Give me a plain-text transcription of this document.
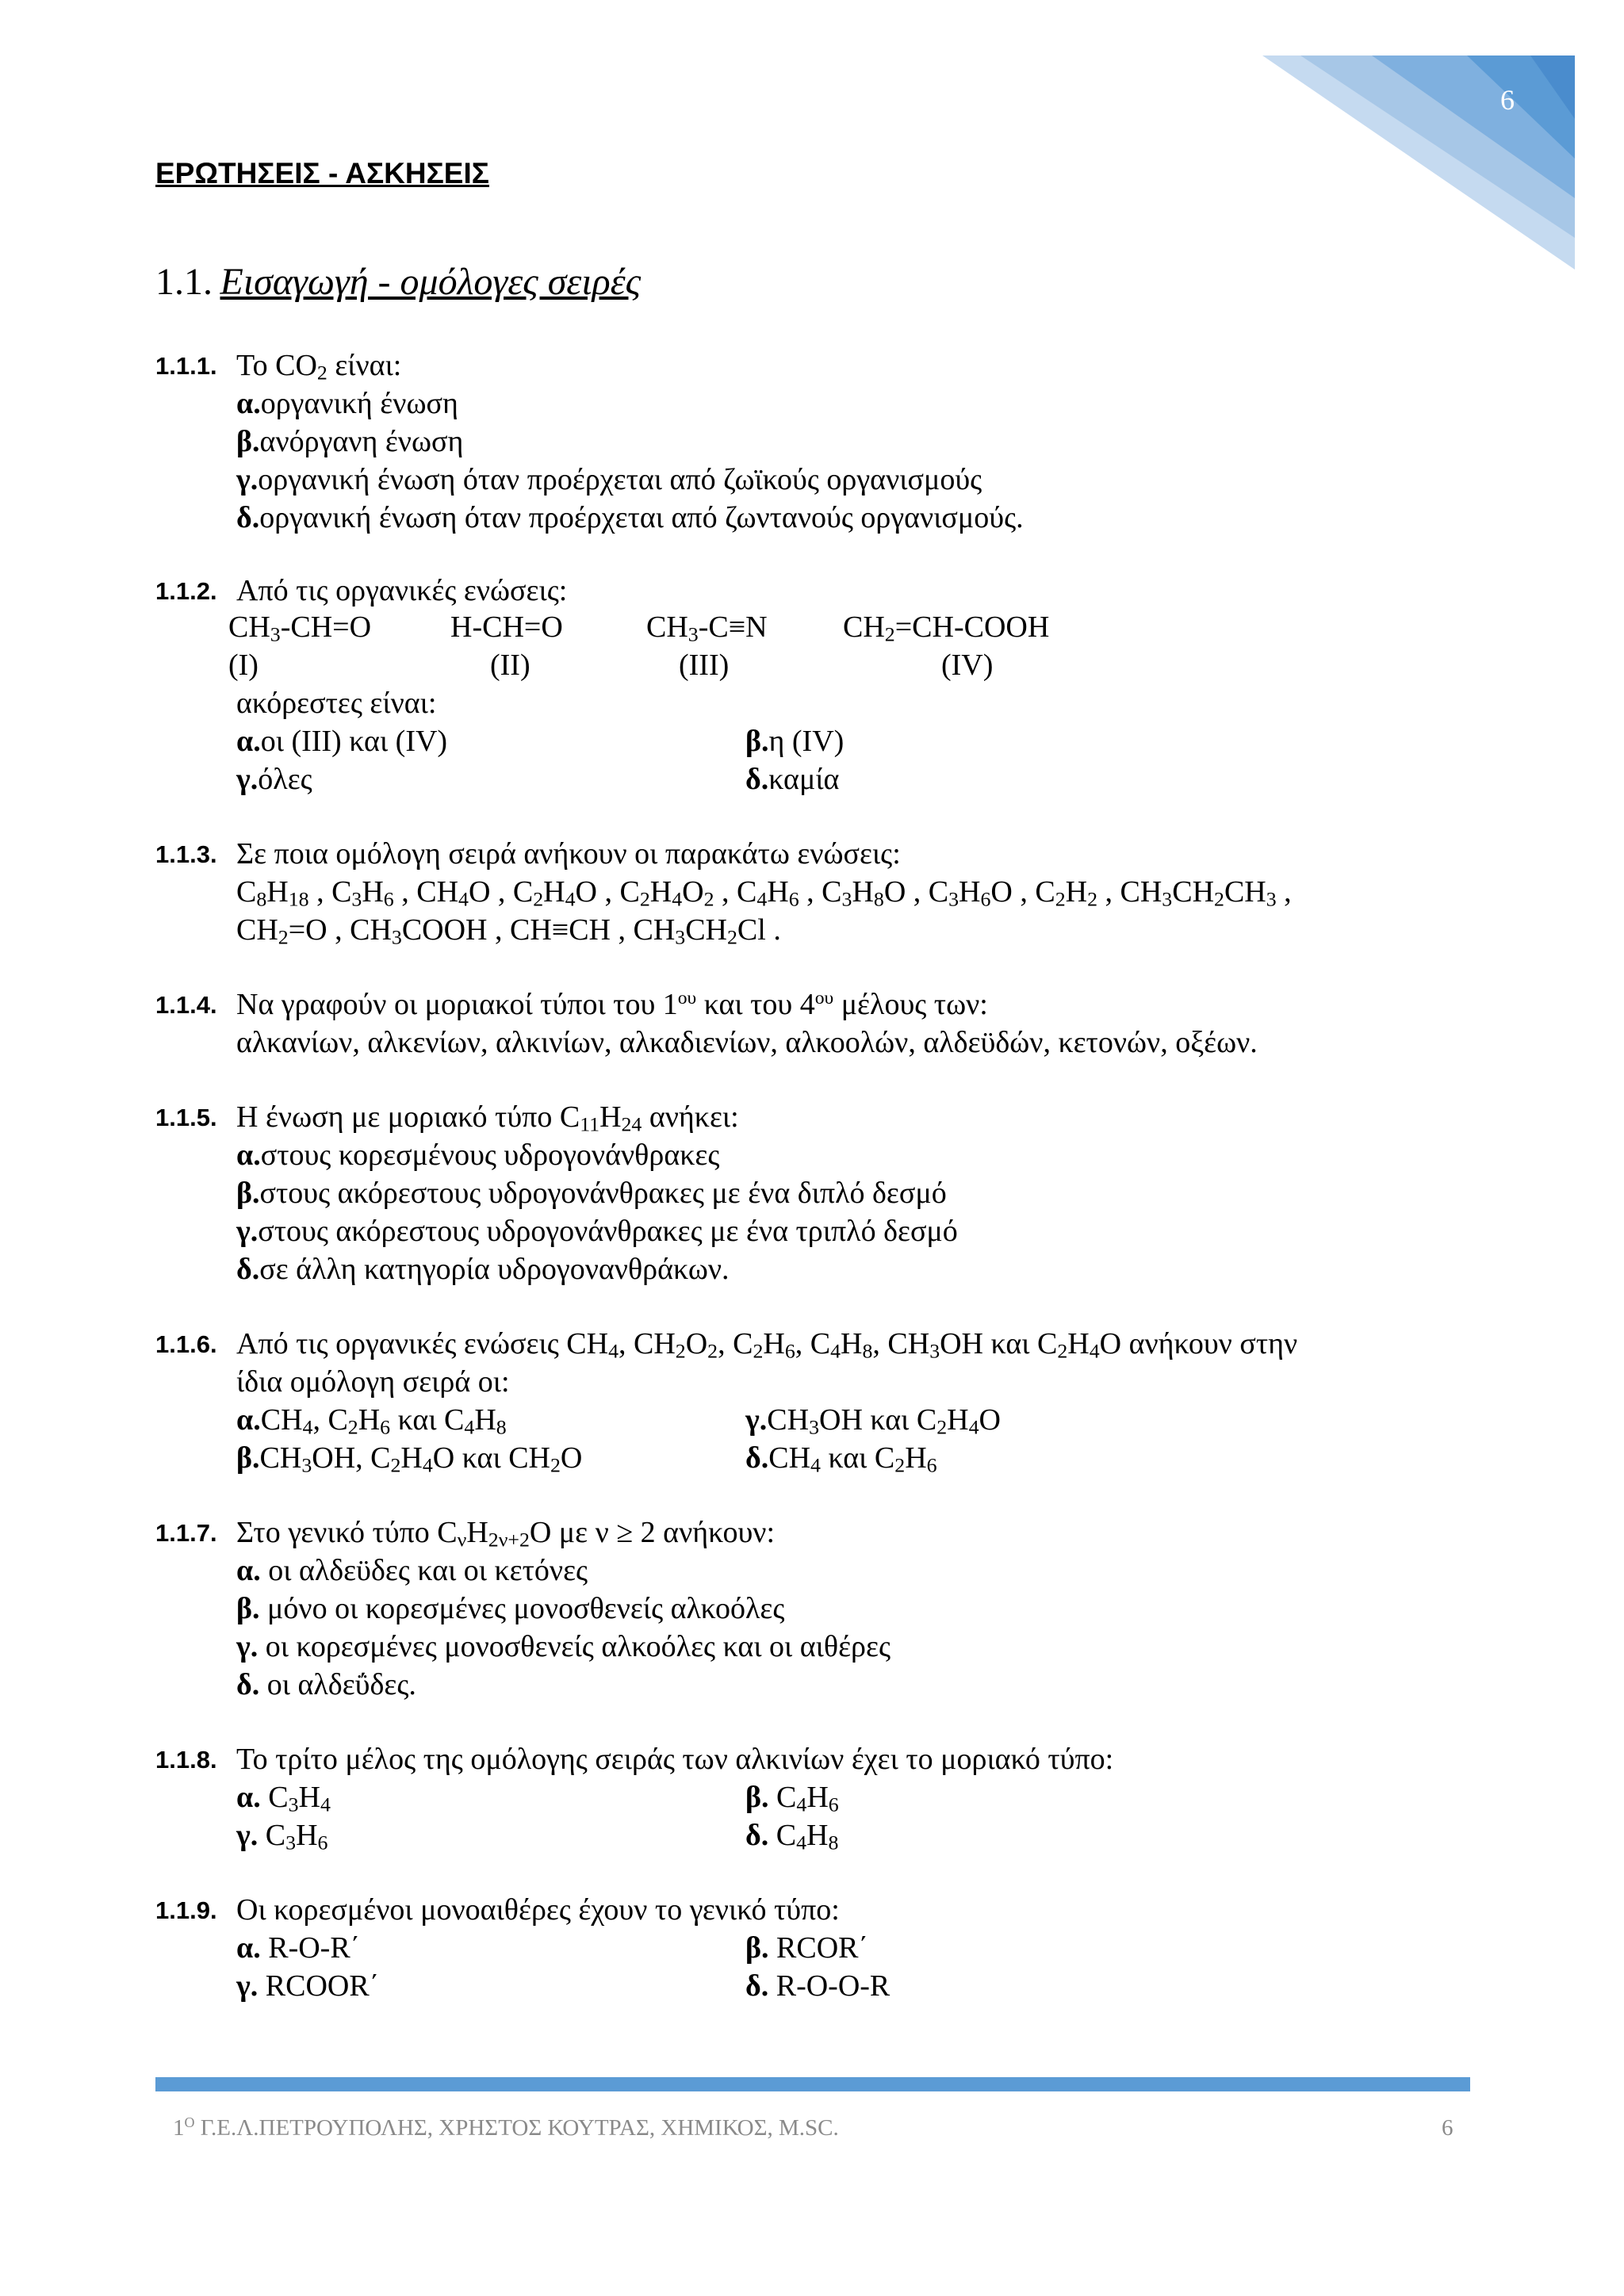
6
ΕΡΩΤΗΣΕΙΣ - ΑΣΚΗΣΕΙΣ
1.1. Εισαγωγή - ομόλογες σειρές
1.1.1. Το $CO_2$ είναι:
α.οργανική ένωση
β.ανόργανη ένωση
γ.οργανική ένωση όταν προέρχεται από ζωϊκούς οργανισμούς
δ.οργανική ένωση όταν προέρχεται από ζωντανούς οργανισμούς.
1.1.2. Από τις οργανικές ενώσεις:
$CH_3-CH=O$	H-CH=O	$CH_3-C\equiv N$	$CH_2=CH$-COOH
(I)	(II)	(III)	(IV)
ακόρεστες είναι:
α.οι (III) και (IV)	β.η (IV)
γ.όλες	δ.καμία
1.1.3. Σε ποια ομόλογη σειρά ανήκουν οι παρακάτω ενώσεις:
$C_8H_{18}$ , $C_3H_6$ , $CH_4O$ , $C_2H_4O$ , $C_2H_4O_2$ , $C_4H_6$ , $C_3H_8O$ , $C_3H_6O$ , $C_2H_2$ , $CH_3CH_2CH_3$ ,
$CH_2=O$ , $CH_3COOH$ , CH≡CH , $CH_3CH_2Cl$ .
1.1.4. Να γραφούν οι μοριακοί τύποι του $1^{o\upsilon}$ και του $4^{o\upsilon}$ μέλους των:
αλκανίων, αλκενίων, αλκινίων, αλκαδιενίων, αλκοολών, αλδεϋδών, κετονών, οξέων.
1.1.5. Η ένωση με μοριακό τύπο $C_{11}H_{24}$ ανήκει:
α.στους κορεσμένους υδρογονάνθρακες
β.στους ακόρεστους υδρογονάνθρακες με ένα διπλό δεσμό
γ.στους ακόρεστους υδρογονάνθρακες με ένα τριπλό δεσμό
δ.σε άλλη κατηγορία υδρογονανθράκων.
1.1.6. Από τις οργανικές ενώσεις $CH_4$, $CH_2O_2$, $C_2H_6$, $C_4H_8$, $CH_3OH$ και $C_2H_4O$ ανήκουν στην
ίδια ομόλογη σειρά οι:
$\alpha.CH_4$, $C_2H_6$ και $C_4H_8$	$\gamma.CH_3OH$ και $C_2H_4O$
$\beta.CH_3OH$, $C_2H_4O$ και $CH_2O$	$\delta.CH_4$ και $C_2H_6$
1.1.7. Στο γενικό τύπο $C_\nu H_{2\nu+2}O$ με ν ≥ 2 ανήκουν:
α. οι αλδεϋδες και οι κετόνες
β. μόνο οι κορεσμένες μονοσθενείς αλκοόλες
γ. οι κορεσμένες μονοσθενείς αλκοόλες και οι αιθέρες
δ. οι αλδεΰδες.
1.1.8. Το τρίτο μέλος της ομόλογης σειράς των αλκινίων έχει το μοριακό τύπο:
α. $C_3H_4$	β. $C_4H_6$
γ. $C_3H_6$	δ. $C_4H_8$
1.1.9. Οι κορεσμένοι μονοαιθέρες έχουν το γενικό τύπο:
α. R-O-R΄	β. RCOR΄
γ. RCOOR΄	δ. R-O-O-R
$1^O$ Γ.Ε.Λ.ΠΕΤΡΟΥΠΟΛΗΣ, ΧΡΗΣΤΟΣ ΚΟΥΤΡΑΣ, ΧΗΜΙΚΟΣ, M.SC.	6
